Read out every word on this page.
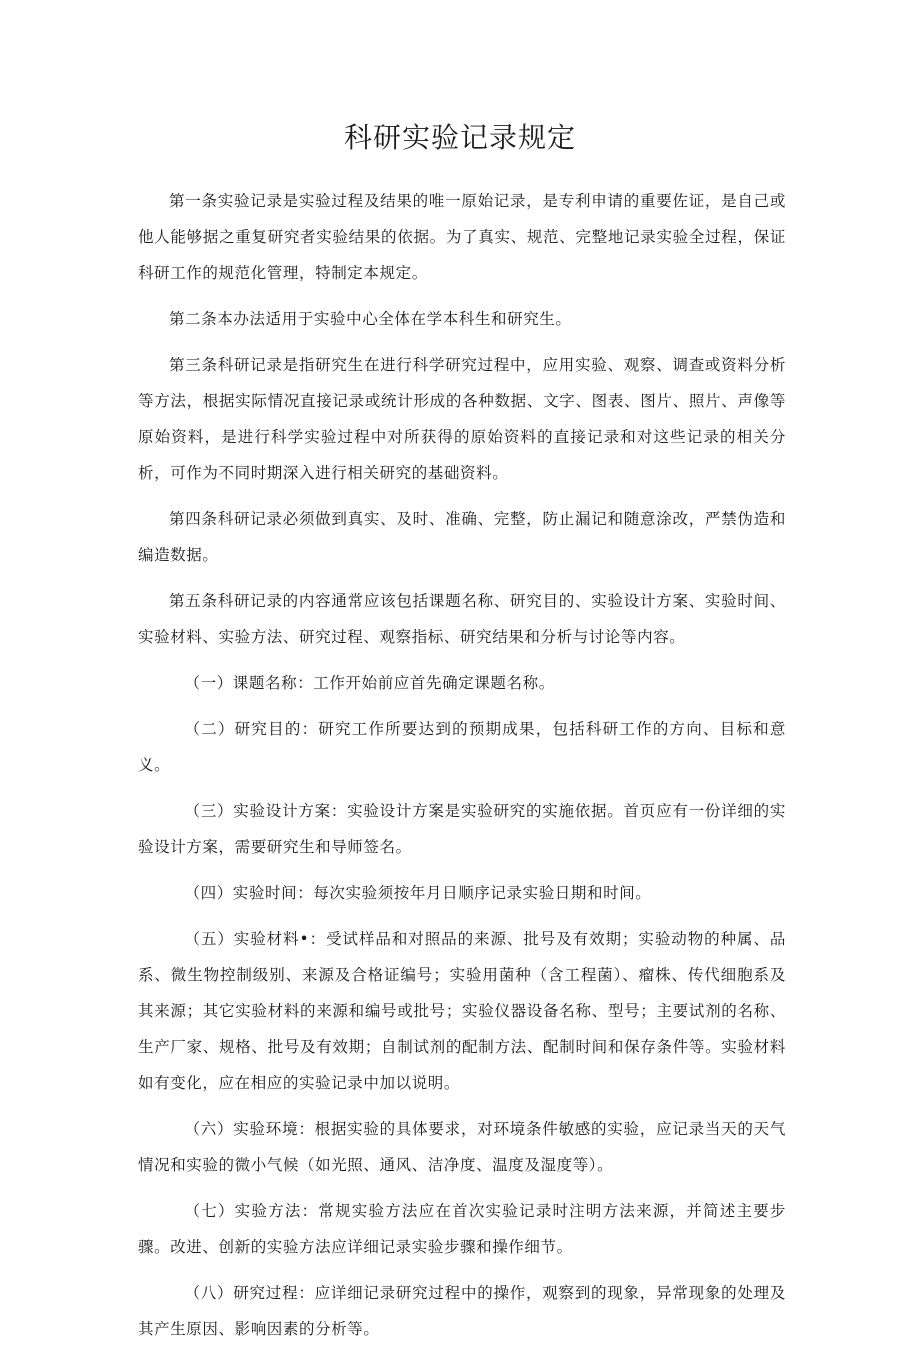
科研实验记录规定

第一条实验记录是实验过程及结果的唯一原始记录，是专利申请的重要佐证，是自己或他人能够据之重复研究者实验结果的依据。为了真实、规范、完整地记录实验全过程，保证科研工作的规范化管理，特制定本规定。

第二条本办法适用于实验中心全体在学本科生和研究生。

第三条科研记录是指研究生在进行科学研究过程中，应用实验、观察、调查或资料分析等方法，根据实际情况直接记录或统计形成的各种数据、文字、图表、图片、照片、声像等原始资料，是进行科学实验过程中对所获得的原始资料的直接记录和对这些记录的相关分析，可作为不同时期深入进行相关研究的基础资料。

第四条科研记录必须做到真实、及时、准确、完整，防止漏记和随意涂改，严禁伪造和编造数据。

第五条科研记录的内容通常应该包括课题名称、研究目的、实验设计方案、实验时间、实验材料、实验方法、研究过程、观察指标、研究结果和分析与讨论等内容。

（一）课题名称：工作开始前应首先确定课题名称。

（二）研究目的：研究工作所要达到的预期成果，包括科研工作的方向、目标和意义。

（三）实验设计方案：实验设计方案是实验研究的实施依据。首页应有一份详细的实验设计方案，需要研究生和导师签名。

（四）实验时间：每次实验须按年月日顺序记录实验日期和时间。

（五）实验材料•：受试样品和对照品的来源、批号及有效期；实验动物的种属、品系、微生物控制级别、来源及合格证编号；实验用菌种（含工程菌）、瘤株、传代细胞系及其来源；其它实验材料的来源和编号或批号；实验仪器设备名称、型号；主要试剂的名称、生产厂家、规格、批号及有效期；自制试剂的配制方法、配制时间和保存条件等。实验材料如有变化，应在相应的实验记录中加以说明。

（六）实验环境：根据实验的具体要求，对环境条件敏感的实验，应记录当天的天气情况和实验的微小气候（如光照、通风、洁净度、温度及湿度等）。

（七）实验方法：常规实验方法应在首次实验记录时注明方法来源，并简述主要步骤。改进、创新的实验方法应详细记录实验步骤和操作细节。

（八）研究过程：应详细记录研究过程中的操作，观察到的现象，异常现象的处理及其产生原因、影响因素的分析等。
